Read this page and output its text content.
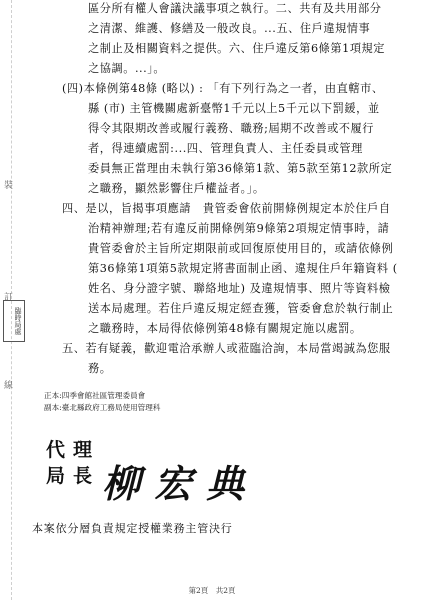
裝
訂
線
臨時局處
區分所有權人會議決議事項之執行。二、共有及共用部分
之清潔、維護、修繕及一般改良。...五、住戶違規情事
之制止及相關資料之提供。六、住戶違反第6條第1項規定
之協調。...」。
(四)本條例第48條 (略以) : 「有下列行為之一者，由直轄市、
縣 (市) 主管機關處新臺幣1千元以上5千元以下罰鍰，並
得令其限期改善或履行義務、職務;屆期不改善或不履行
者，得連續處罰:...四、管理負責人、主任委員或管理
委員無正當理由未執行第36條第1款、第5款至第12款所定
之職務，顯然影響住戶權益者。」。
四、是以，旨揭事項應請　貴管委會依前開條例規定本於住戶自
治精神辦理;若有違反前開條例第9條第2項規定情事時，請
貴管委會於主旨所定期限前或回復原使用目的，或請依條例
第36條第1項第5款規定將書面制止函、違規住戶年籍資料 (
姓名、身分證字號、聯絡地址) 及違規情事、照片等資料檢
送本局處理。若住戶違反規定經查獲，管委會怠於執行制止
之職務時，本局得依條例第48條有關規定施以處罰。
五、若有疑義，歡迎電洽承辦人或蒞臨洽詢，本局當竭誠為您服
務。
正本:四季會館社區管理委員會
副本:臺北縣政府工務局使用管理科
代理
局長 柳宏典
本案依分層負責規定授權業務主管決行
第2頁　共2頁
